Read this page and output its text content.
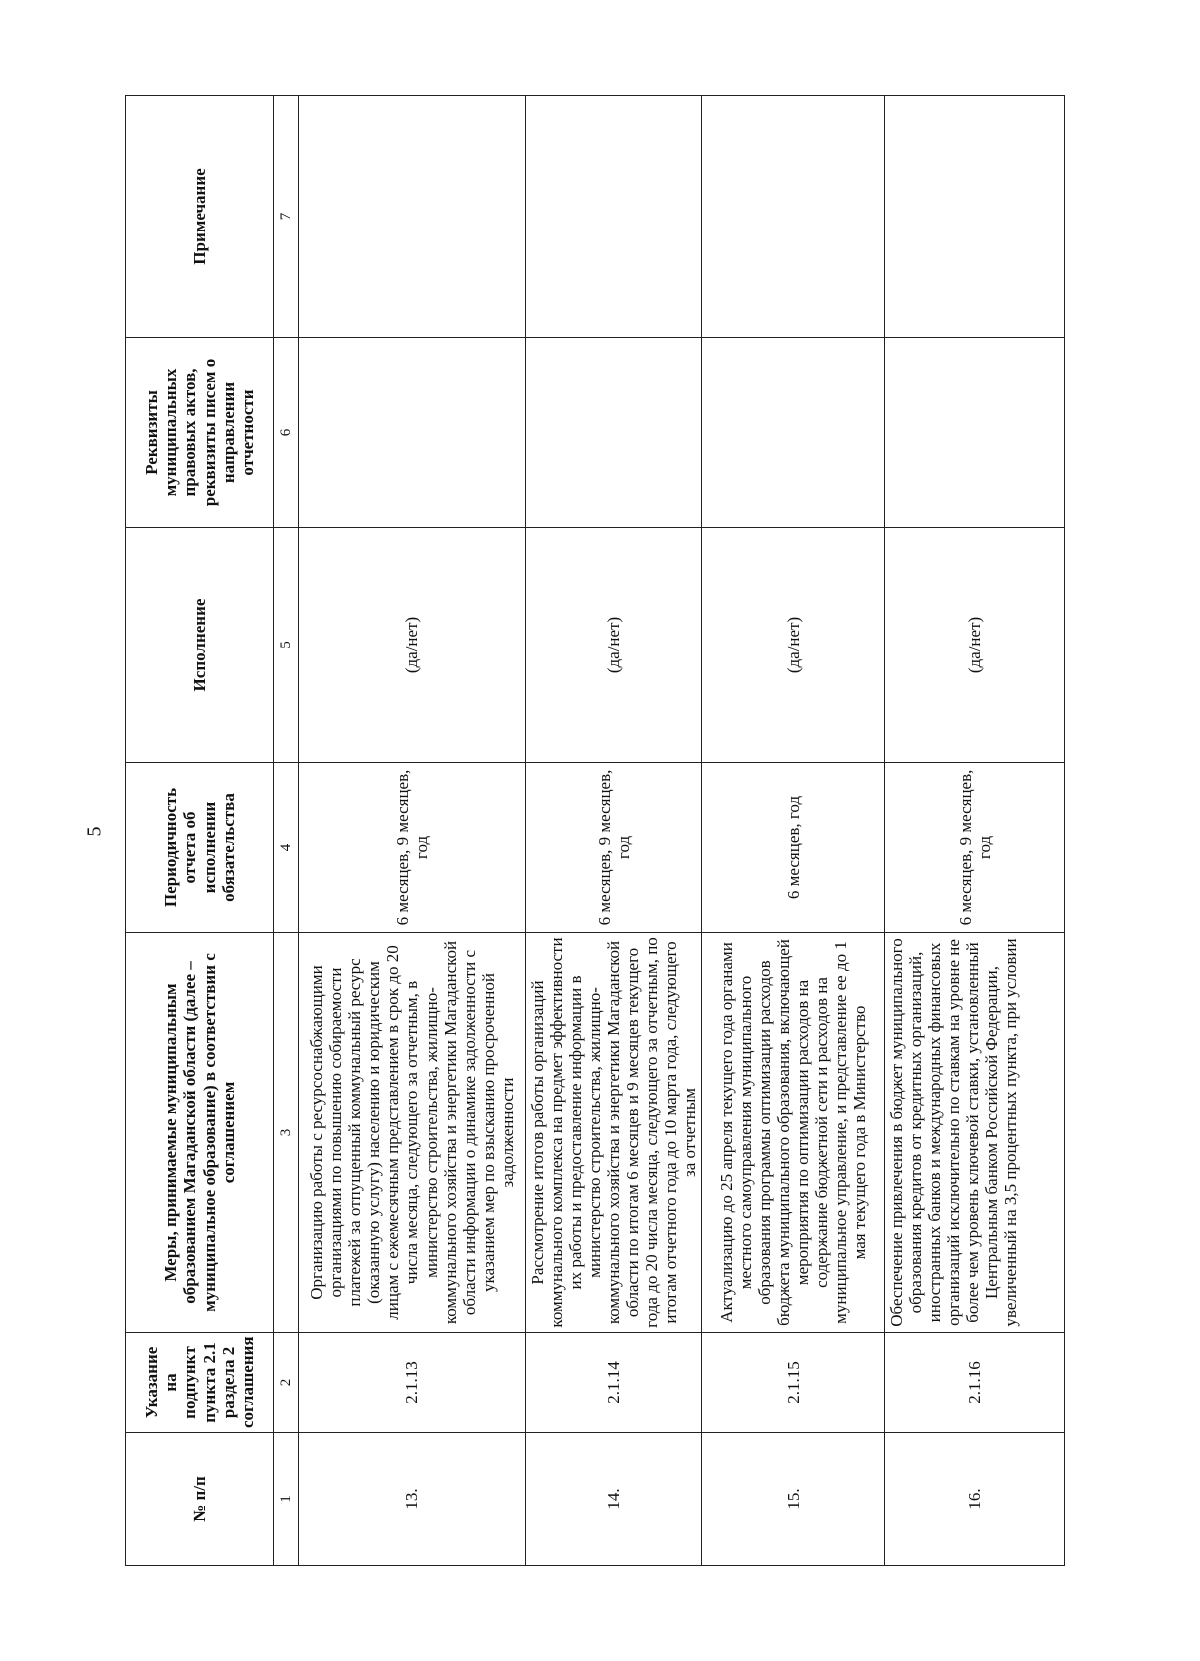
5
№ п/п	Указание на подпункт пункта 2.1 раздела 2 соглашения	Меры, принимаемые муниципальным образованием Магаданской области (далее – муниципальное образование) в соответствии с соглашением	Периодичность отчета об исполнении обязательства	Исполнение	Реквизиты муниципальных правовых актов, реквизиты писем о направлении отчетности	Примечание
1	2	3	4	5	6	7
13.	2.1.13	Организацию работы с ресурсоснабжающими организациями по повышению собираемости платежей за отпущенный коммунальный ресурс (оказанную услугу) населению и юридическим лицам с ежемесячным представлением в срок до 20 числа месяца, следующего за отчетным, в министерство строительства, жилищно-коммунального хозяйства и энергетики Магаданской области информации о динамике задолженности с указанием мер по взысканию просроченной задолженности	6 месяцев, 9 месяцев, год	(да/нет)		
14.	2.1.14	Рассмотрение итогов работы организаций коммунального комплекса на предмет эффективности их работы и предоставление информации в министерство строительства, жилищно-коммунального хозяйства и энергетики Магаданской области по итогам 6 месяцев и 9 месяцев текущего года до 20 числа месяца, следующего за отчетным, по итогам отчетного года до 10 марта года, следующего за отчетным	6 месяцев, 9 месяцев, год	(да/нет)		
15.	2.1.15	Актуализацию до 25 апреля текущего года органами местного самоуправления муниципального образования программы оптимизации расходов бюджета муниципального образования, включающей мероприятия по оптимизации расходов на содержание бюджетной сети и расходов на муниципальное управление, и представление ее до 1 мая текущего года в Министерство	6 месяцев, год	(да/нет)		
16.	2.1.16	Обеспечение привлечения в бюджет муниципального образования кредитов от кредитных организаций, иностранных банков и международных финансовых организаций исключительно по ставкам на уровне не более чем уровень ключевой ставки, установленный Центральным банком Российской Федерации, увеличенный на 3,5 процентных пункта, при условии	6 месяцев, 9 месяцев, год	(да/нет)		
